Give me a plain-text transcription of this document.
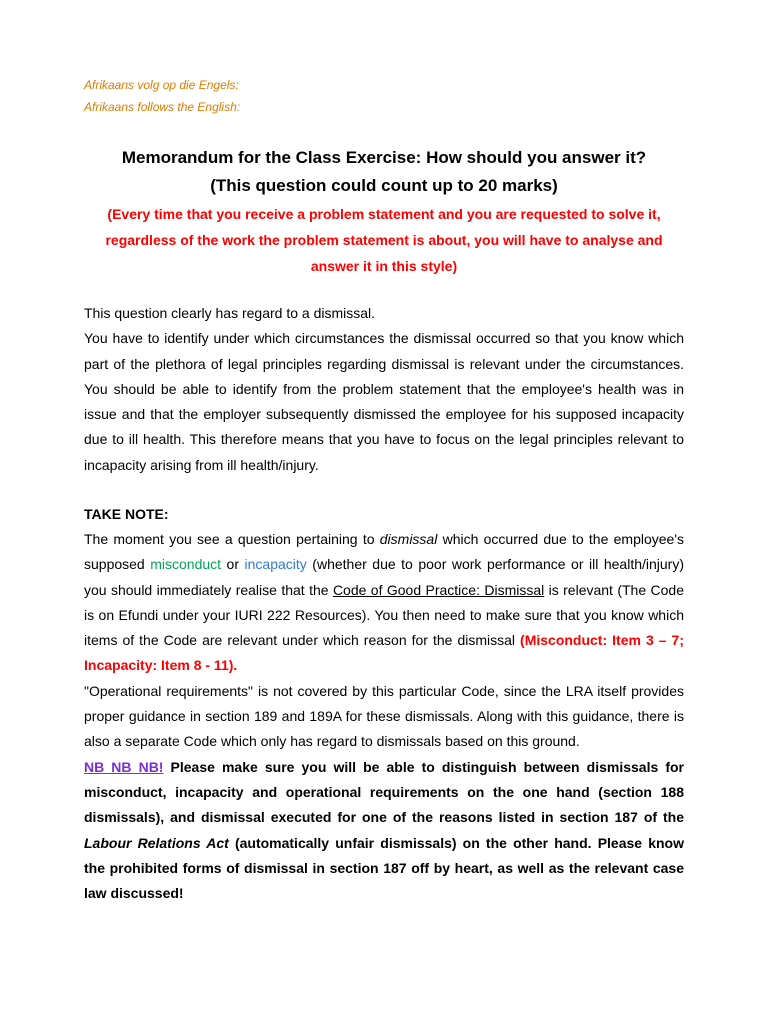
Afrikaans volg op die Engels:
Afrikaans follows the English:
Memorandum for the Class Exercise: How should you answer it?
(This question could count up to 20 marks)
(Every time that you receive a problem statement and you are requested to solve it, regardless of the work the problem statement is about, you will have to analyse and answer it in this style)

This question clearly has regard to a dismissal.

You have to identify under which circumstances the dismissal occurred so that you know which part of the plethora of legal principles regarding dismissal is relevant under the circumstances. You should be able to identify from the problem statement that the employee's health was in issue and that the employer subsequently dismissed the employee for his supposed incapacity due to ill health. This therefore means that you have to focus on the legal principles relevant to incapacity arising from ill health/injury.

TAKE NOTE:

The moment you see a question pertaining to dismissal which occurred due to the employee's supposed misconduct or incapacity (whether due to poor work performance or ill health/injury) you should immediately realise that the Code of Good Practice: Dismissal is relevant (The Code is on Efundi under your IURI 222 Resources). You then need to make sure that you know which items of the Code are relevant under which reason for the dismissal (Misconduct: Item 3 – 7; Incapacity: Item 8 - 11).

"Operational requirements" is not covered by this particular Code, since the LRA itself provides proper guidance in section 189 and 189A for these dismissals. Along with this guidance, there is also a separate Code which only has regard to dismissals based on this ground.

NB NB NB! Please make sure you will be able to distinguish between dismissals for misconduct, incapacity and operational requirements on the one hand (section 188 dismissals), and dismissal executed for one of the reasons listed in section 187 of the Labour Relations Act (automatically unfair dismissals) on the other hand. Please know the prohibited forms of dismissal in section 187 off by heart, as well as the relevant case law discussed!
